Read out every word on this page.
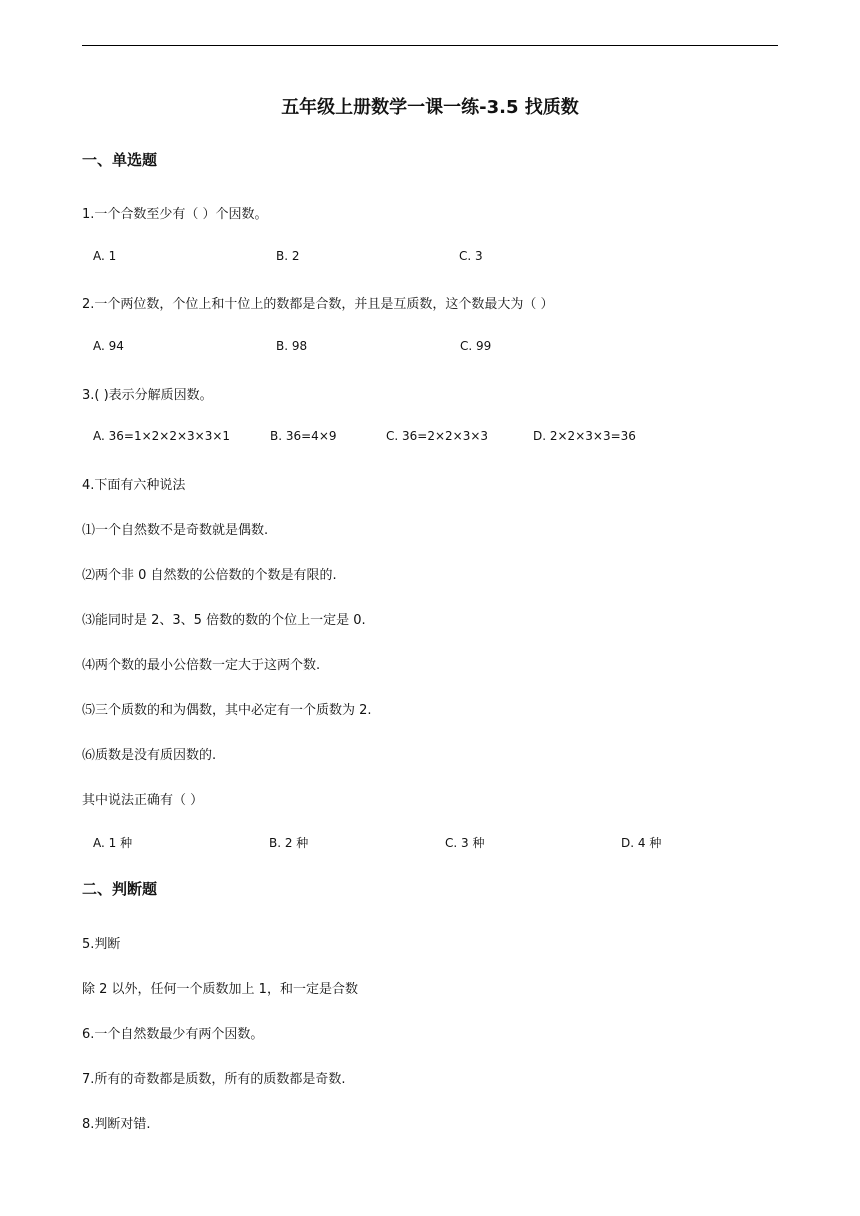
五年级上册数学一课一练-3.5 找质数
一、单选题
1.一个合数至少有（ ）个因数。
A. 1	B. 2	C. 3
2.一个两位数，个位上和十位上的数都是合数，并且是互质数，这个数最大为（ ）
A. 94	B. 98	C. 99
3.( )表示分解质因数。
A. 36=1×2×2×3×3×1	B. 36=4×9	C. 36=2×2×3×3	D. 2×2×3×3=36
4.下面有六种说法
⑴一个自然数不是奇数就是偶数.
⑵两个非 0 自然数的公倍数的个数是有限的.
⑶能同时是 2、3、5 倍数的数的个位上一定是 0.
⑷两个数的最小公倍数一定大于这两个数.
⑸三个质数的和为偶数，其中必定有一个质数为 2.
⑹质数是没有质因数的.
其中说法正确有（ ）
A. 1 种	B. 2 种	C. 3 种	D. 4 种
二、判断题
5.判断
除 2 以外，任何一个质数加上 1，和一定是合数
6.一个自然数最少有两个因数。
7.所有的奇数都是质数，所有的质数都是奇数.
8.判断对错.
